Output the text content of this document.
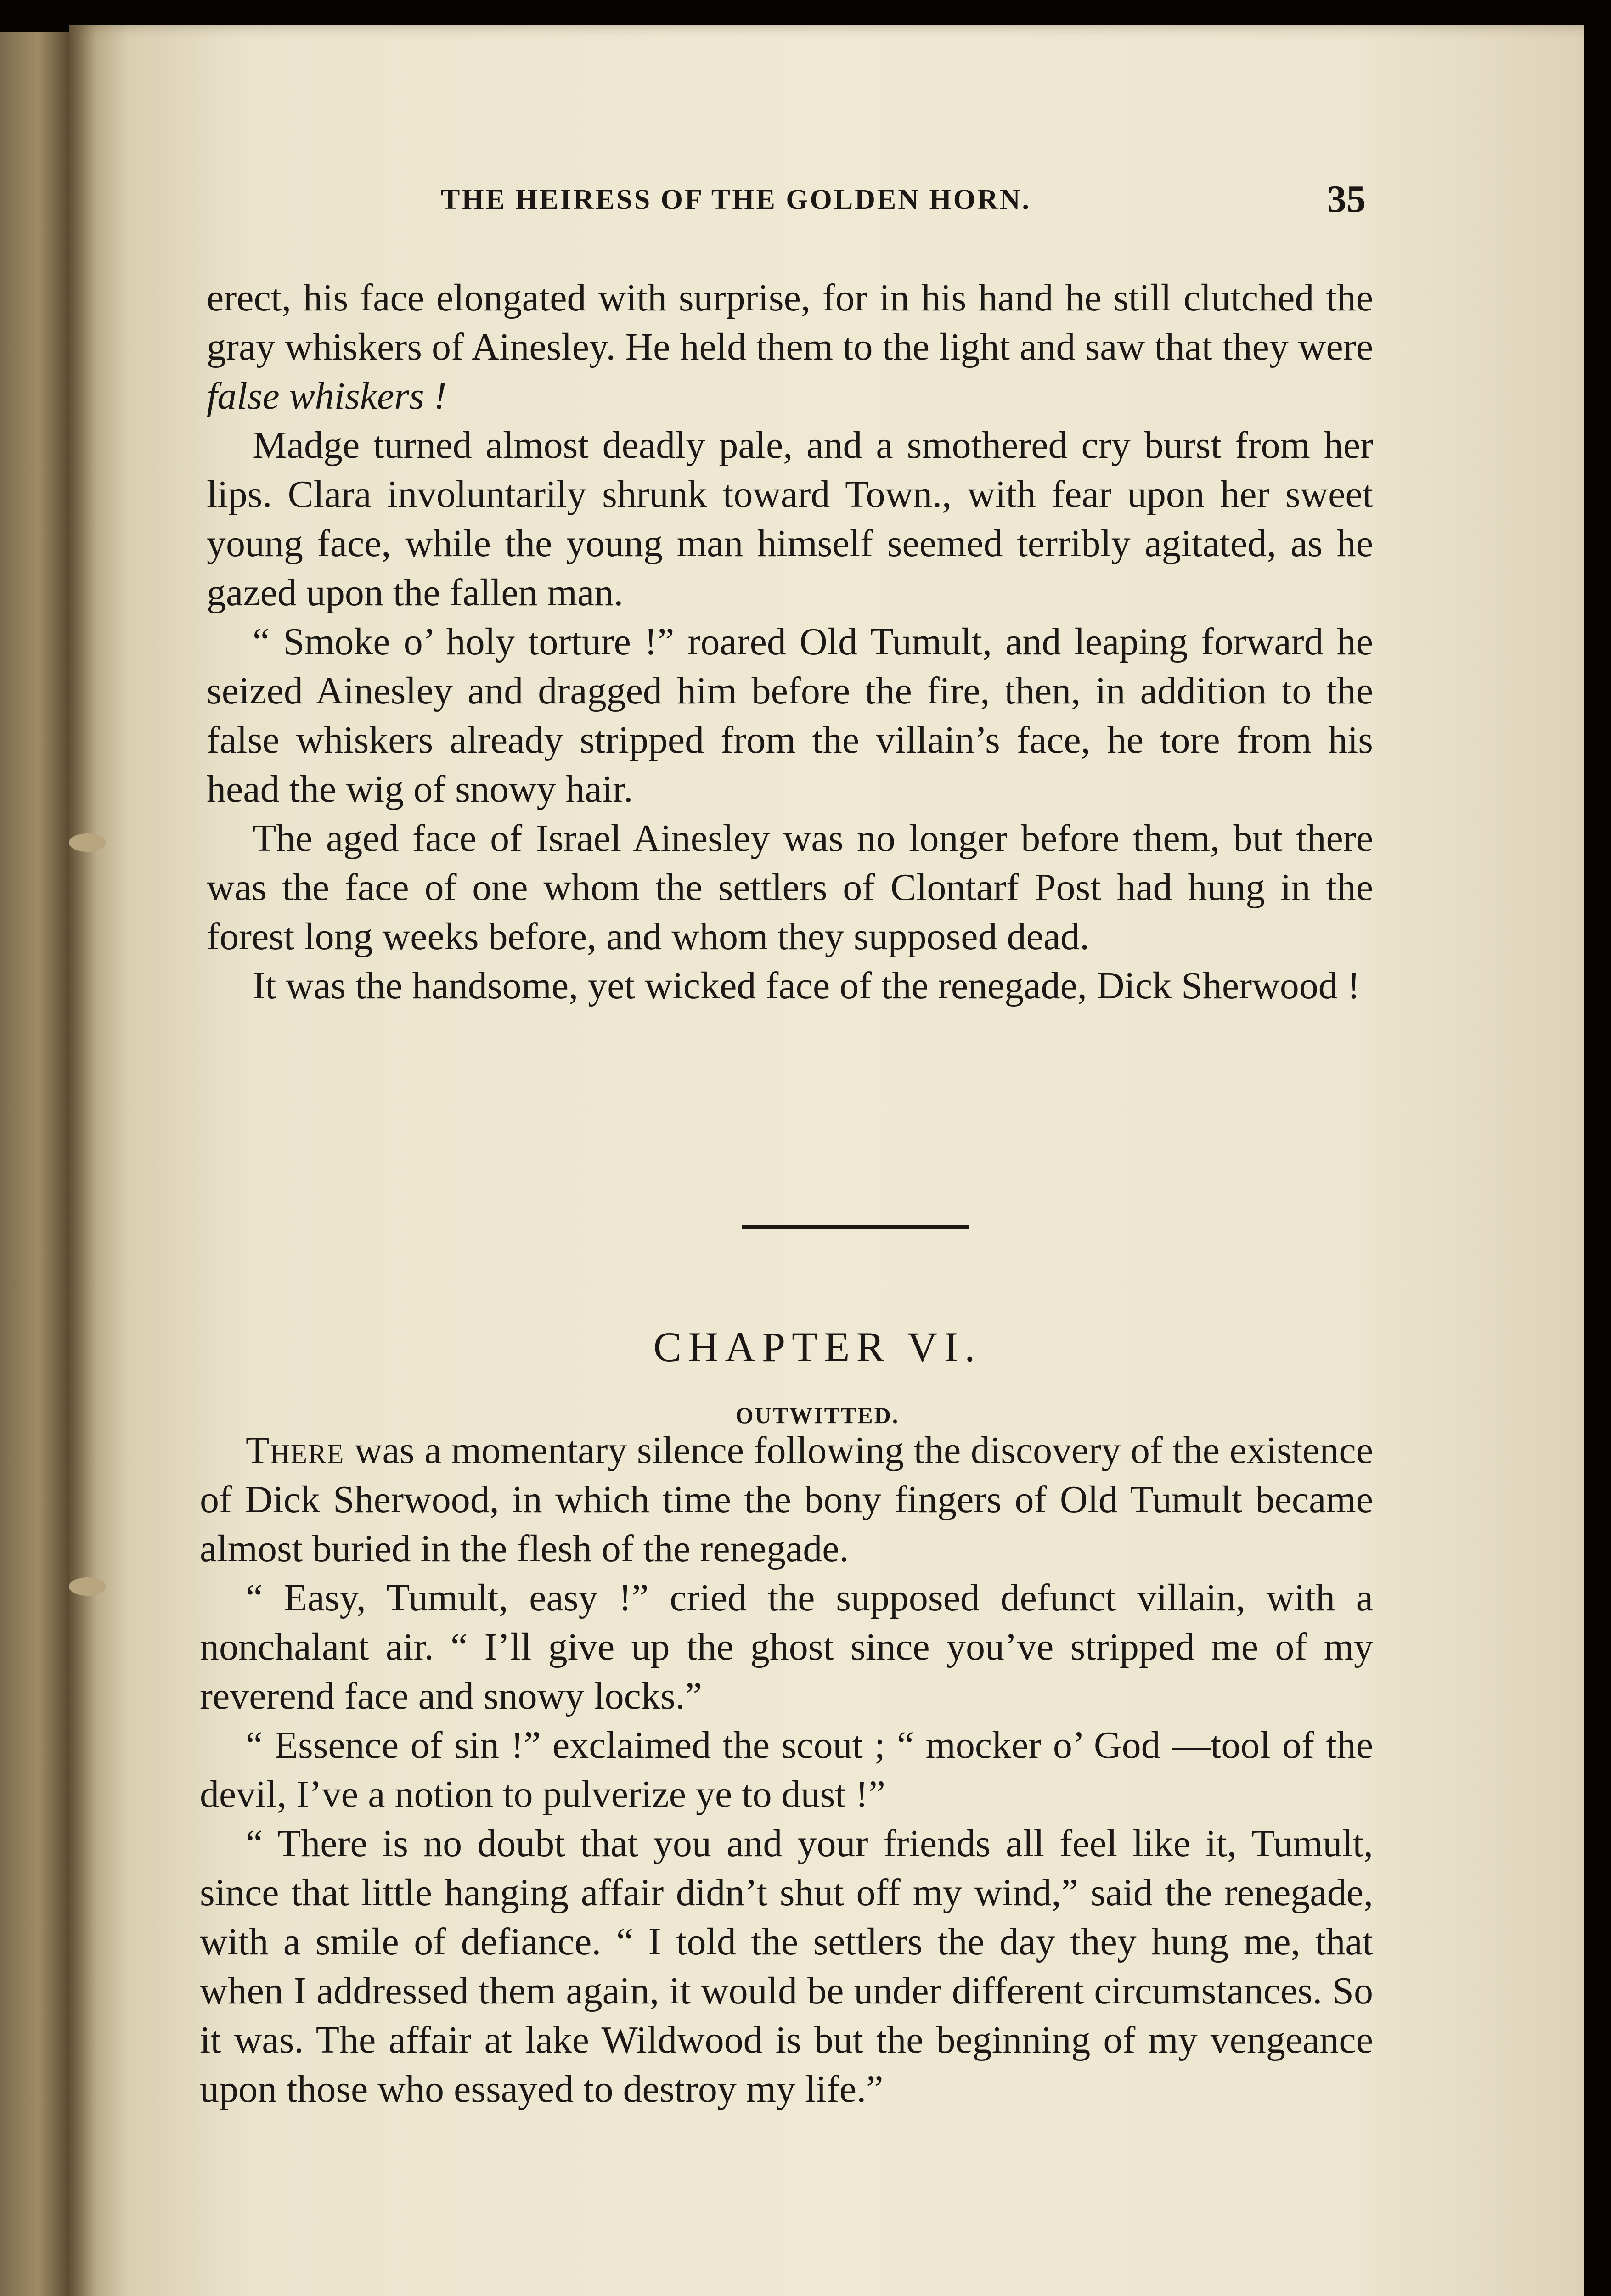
THE HEIRESS OF THE GOLDEN HORN.	35

erect, his face elongated with surprise, for in his hand he still clutched the gray whiskers of Ainesley. He held them to the light and saw that they were false whiskers !

Madge turned almost deadly pale, and a smothered cry burst from her lips. Clara involuntarily shrunk toward Town., with fear upon her sweet young face, while the young man himself seemed terribly agitated, as he gazed upon the fallen man.

“ Smoke o’ holy torture !” roared Old Tumult, and leaping forward he seized Ainesley and dragged him before the fire, then, in addition to the false whiskers already stripped from the villain’s face, he tore from his head the wig of snowy hair.

The aged face of Israel Ainesley was no longer before them, but there was the face of one whom the settlers of Clontarf Post had hung in the forest long weeks before, and whom they supposed dead.

It was the handsome, yet wicked face of the renegade, Dick Sherwood !

CHAPTER VI.
OUTWITTED.

There was a momentary silence following the discovery of the existence of Dick Sherwood, in which time the bony fingers of Old Tumult became almost buried in the flesh of the renegade.

“ Easy, Tumult, easy !” cried the supposed defunct villain, with a nonchalant air. “ I’ll give up the ghost since you’ve stripped me of my reverend face and snowy locks.”

“ Essence of sin !” exclaimed the scout ; “ mocker o’ God —tool of the devil, I’ve a notion to pulverize ye to dust !”

“ There is no doubt that you and your friends all feel like it, Tumult, since that little hanging affair didn’t shut off my wind,” said the renegade, with a smile of defiance. “ I told the settlers the day they hung me, that when I addressed them again, it would be under different circumstances. So it was. The affair at lake Wildwood is but the beginning of my vengeance upon those who essayed to destroy my life.”
